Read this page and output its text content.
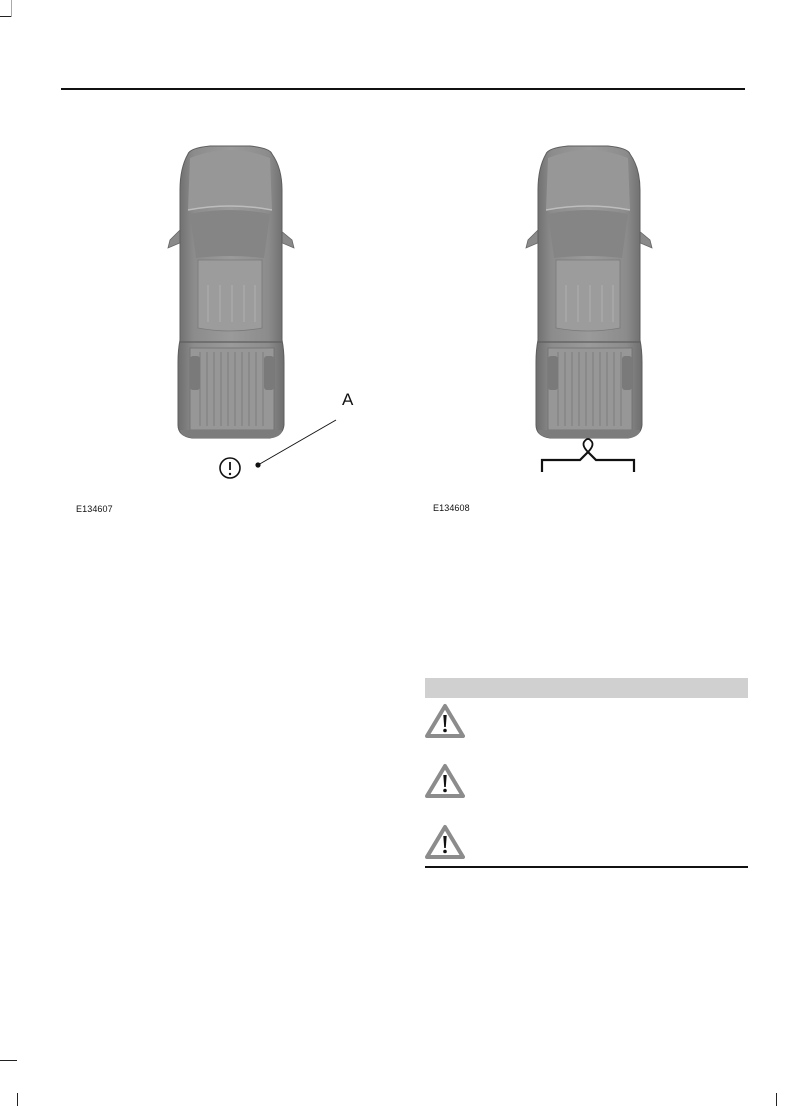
A
E134607	E134608
